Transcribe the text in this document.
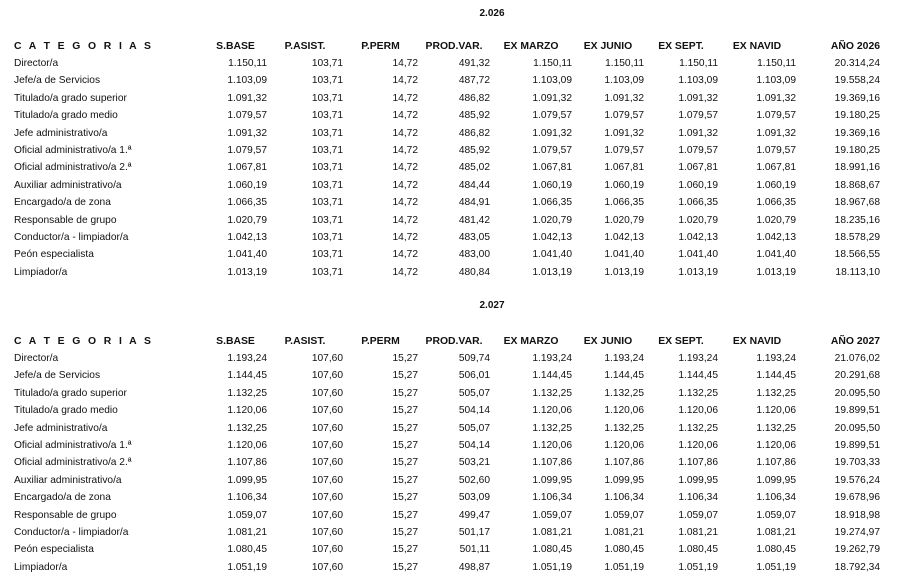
2.026
C A T E G O R I A S	S.BASE	P.ASIST.	P.PERM	PROD.VAR.	EX MARZO	EX JUNIO	EX SEPT.	EX NAVID	AÑO 2026
Director/a	1.150,11	103,71	14,72	491,32	1.150,11	1.150,11	1.150,11	1.150,11	20.314,24
Jefe/a de Servicios	1.103,09	103,71	14,72	487,72	1.103,09	1.103,09	1.103,09	1.103,09	19.558,24
Titulado/a grado superior	1.091,32	103,71	14,72	486,82	1.091,32	1.091,32	1.091,32	1.091,32	19.369,16
Titulado/a grado medio	1.079,57	103,71	14,72	485,92	1.079,57	1.079,57	1.079,57	1.079,57	19.180,25
Jefe administrativo/a	1.091,32	103,71	14,72	486,82	1.091,32	1.091,32	1.091,32	1.091,32	19.369,16
Oficial administrativo/a 1.ª	1.079,57	103,71	14,72	485,92	1.079,57	1.079,57	1.079,57	1.079,57	19.180,25
Oficial administrativo/a 2.ª	1.067,81	103,71	14,72	485,02	1.067,81	1.067,81	1.067,81	1.067,81	18.991,16
Auxiliar administrativo/a	1.060,19	103,71	14,72	484,44	1.060,19	1.060,19	1.060,19	1.060,19	18.868,67
Encargado/a de zona	1.066,35	103,71	14,72	484,91	1.066,35	1.066,35	1.066,35	1.066,35	18.967,68
Responsable de grupo	1.020,79	103,71	14,72	481,42	1.020,79	1.020,79	1.020,79	1.020,79	18.235,16
Conductor/a - limpiador/a	1.042,13	103,71	14,72	483,05	1.042,13	1.042,13	1.042,13	1.042,13	18.578,29
Peón especialista	1.041,40	103,71	14,72	483,00	1.041,40	1.041,40	1.041,40	1.041,40	18.566,55
Limpiador/a	1.013,19	103,71	14,72	480,84	1.013,19	1.013,19	1.013,19	1.013,19	18.113,10
2.027
C A T E G O R I A S	S.BASE	P.ASIST.	P.PERM	PROD.VAR.	EX MARZO	EX JUNIO	EX SEPT.	EX NAVID	AÑO 2027
Director/a	1.193,24	107,60	15,27	509,74	1.193,24	1.193,24	1.193,24	1.193,24	21.076,02
Jefe/a de Servicios	1.144,45	107,60	15,27	506,01	1.144,45	1.144,45	1.144,45	1.144,45	20.291,68
Titulado/a grado superior	1.132,25	107,60	15,27	505,07	1.132,25	1.132,25	1.132,25	1.132,25	20.095,50
Titulado/a grado medio	1.120,06	107,60	15,27	504,14	1.120,06	1.120,06	1.120,06	1.120,06	19.899,51
Jefe administrativo/a	1.132,25	107,60	15,27	505,07	1.132,25	1.132,25	1.132,25	1.132,25	20.095,50
Oficial administrativo/a 1.ª	1.120,06	107,60	15,27	504,14	1.120,06	1.120,06	1.120,06	1.120,06	19.899,51
Oficial administrativo/a 2.ª	1.107,86	107,60	15,27	503,21	1.107,86	1.107,86	1.107,86	1.107,86	19.703,33
Auxiliar administrativo/a	1.099,95	107,60	15,27	502,60	1.099,95	1.099,95	1.099,95	1.099,95	19.576,24
Encargado/a de zona	1.106,34	107,60	15,27	503,09	1.106,34	1.106,34	1.106,34	1.106,34	19.678,96
Responsable de grupo	1.059,07	107,60	15,27	499,47	1.059,07	1.059,07	1.059,07	1.059,07	18.918,98
Conductor/a - limpiador/a	1.081,21	107,60	15,27	501,17	1.081,21	1.081,21	1.081,21	1.081,21	19.274,97
Peón especialista	1.080,45	107,60	15,27	501,11	1.080,45	1.080,45	1.080,45	1.080,45	19.262,79
Limpiador/a	1.051,19	107,60	15,27	498,87	1.051,19	1.051,19	1.051,19	1.051,19	18.792,34
